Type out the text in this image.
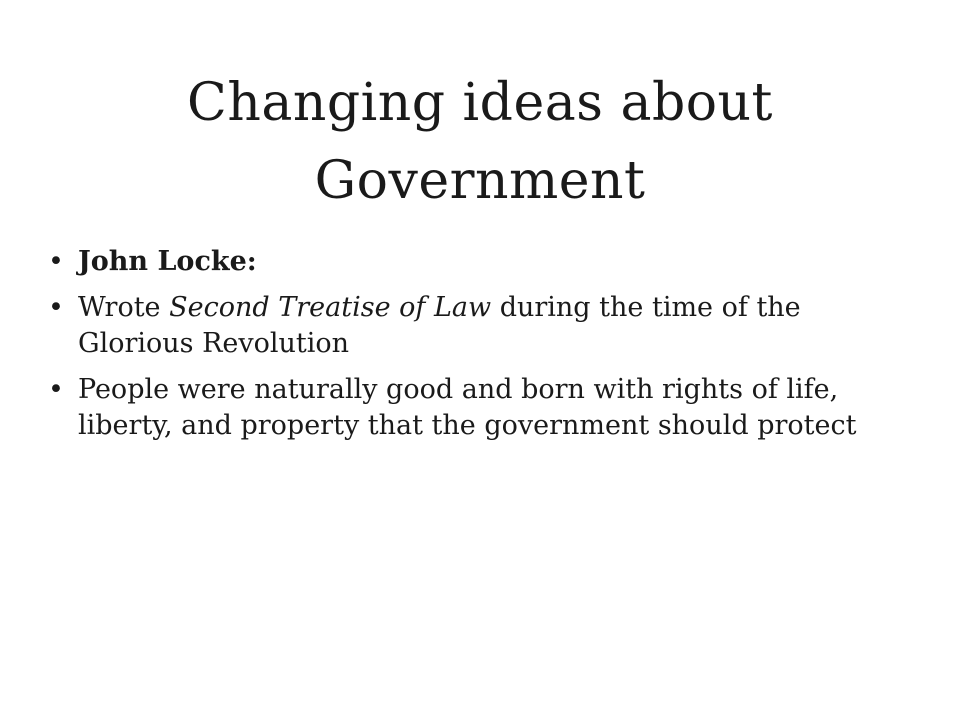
Changing ideas about Government
• John Locke:
• Wrote Second Treatise of Law during the time of the Glorious Revolution
• People were naturally good and born with rights of life, liberty, and property that the government should protect
